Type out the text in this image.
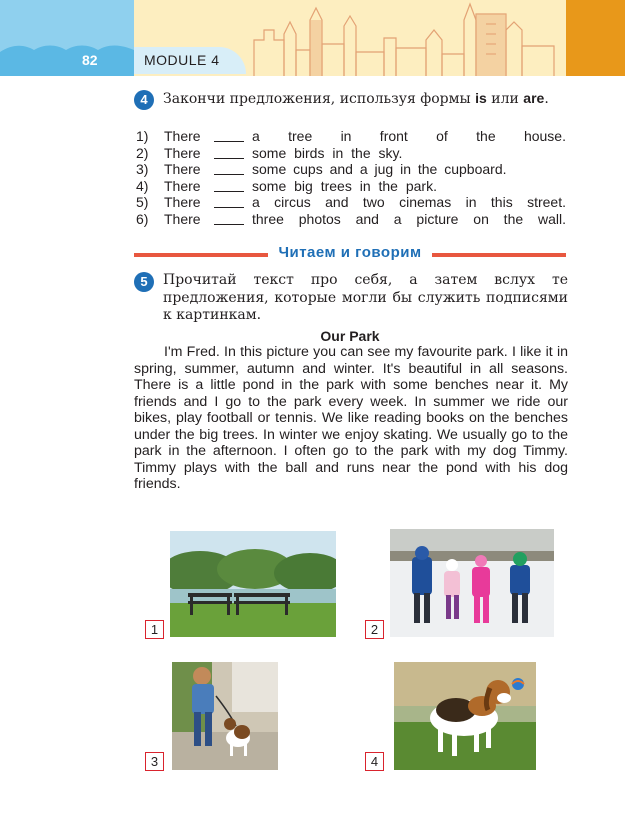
82	MODULE 4
4	Закончи предложения, используя формы is или are.
1) There	a tree in front of the house.
2) There	some birds in the sky.
3) There	some cups and a jug in the cupboard.
4) There	some big trees in the park.
5) There	a circus and two cinemas in this street.
6) There	three photos and a picture on the wall.
Читаем и говорим
5	Прочитай текст про себя, а затем вслух те предложения, которые могли бы служить подписями к картинкам.
Our Park

I'm Fred. In this picture you can see my favourite park. I like it in spring, summer, autumn and winter. It's beautiful in all seasons. There is a little pond in the park with some benches near it. My friends and I go to the park every week. In summer we ride our bikes, play football or tennis. We like reading books on the benches under the big trees. In winter we enjoy skating. We usually go to the park in the afternoon. I often go to the park with my dog Timmy. Timmy plays with the ball and runs near the pond with his dog friends.

1	2
3	4
